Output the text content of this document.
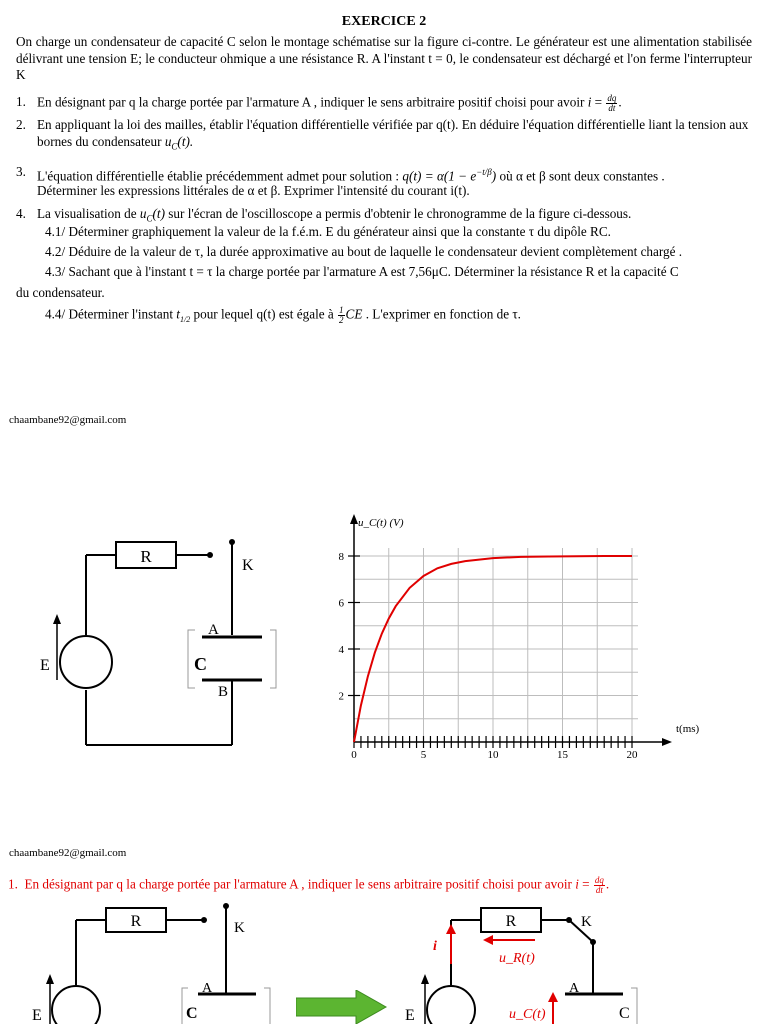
EXERCICE 2
On charge un condensateur de capacité C selon le montage schématise sur la figure ci-contre. Le générateur est une alimentation stabilisée délivrant une tension E; le conducteur ohmique a une résistance R. A l'instant t = 0, le condensateur est déchargé et l'on ferme l'interrupteur K
1. En désignant par q la charge portée par l'armature A , indiquer le sens arbitraire positif choisi pour avoir $i = \frac{dq}{dt}$ .
2. En appliquant la loi des mailles, établir l'équation différentielle vérifiée par q(t). En déduire l'équation différentielle liant la tension aux bornes du condensateur $u_C(t)$.
3. L'équation différentielle établie précédemment admet pour solution : $q(t) = \alpha(1 - e^{-t/\beta})$ où α et β sont deux constantes .
Déterminer les expressions littérales de α et β. Exprimer l'intensité du courant i(t).
4. La visualisation de $u_C(t)$ sur l'écran de l'oscilloscope a permis d'obtenir le chronogramme de la figure ci-dessous.
4.1/ Déterminer graphiquement la valeur de la f.é.m. E du générateur ainsi que la constante τ du dipôle RC.
4.2/ Déduire de la valeur de τ, la durée approximative au bout de laquelle le condensateur devient complètement chargé .
4.3/ Sachant que à l'instant t = τ la charge portée par l'armature A est 7,56μC. Déterminer la résistance R et la capacité C
du condensateur.
4.4/ Déterminer l'instant $t_{1/2}$ pour lequel q(t) est égale à $\frac{1}{2}$ CE . L'exprimer en fonction de τ.
chaambane92@gmail.com
R	K
E
A
C
B
0	5	10	15	20
2
4
6
8
u_C(t) (V)
t(ms)
chaambane92@gmail.com
1. En désignant par q la charge portée par l'armature A , indiquer le sens arbitraire positif choisi pour avoir $i = \frac{dq}{dt}$ .
R	K
E
A
C
R	K
E
A
C
i
u_R(t)
u_C(t)
